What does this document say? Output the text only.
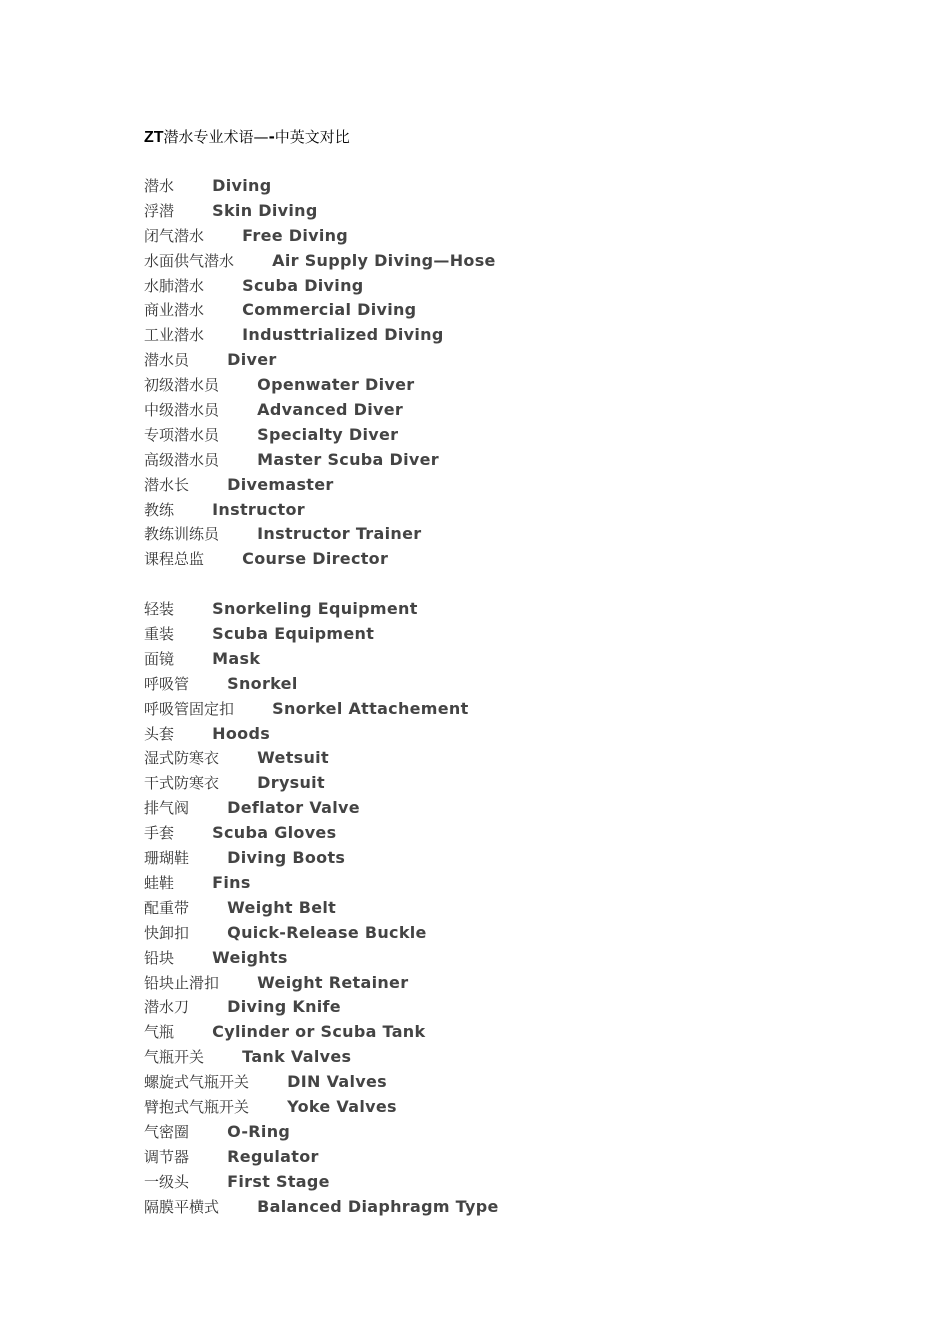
ZT潜水专业术语—-中英文对比
潜水 Diving
浮潜 Skin Diving
闭气潜水 Free Diving
水面供气潜水 Air Supply Diving—Hose
水肺潜水 Scuba Diving
商业潜水 Commercial Diving
工业潜水 Industtrialized Diving
潜水员 Diver
初级潜水员 Openwater Diver
中级潜水员 Advanced Diver
专项潜水员 Specialty Diver
高级潜水员 Master Scuba Diver
潜水长 Divemaster
教练 Instructor
教练训练员 Instructor Trainer
课程总监 Course Director
轻装 Snorkeling Equipment
重装 Scuba Equipment
面镜 Mask
呼吸管 Snorkel
呼吸管固定扣 Snorkel Attachement
头套 Hoods
湿式防寒衣 Wetsuit
干式防寒衣 Drysuit
排气阀 Deflator Valve
手套 Scuba Gloves
珊瑚鞋 Diving Boots
蛙鞋 Fins
配重带 Weight Belt
快卸扣 Quick-Release Buckle
铅块 Weights
铅块止滑扣 Weight Retainer
潜水刀 Diving Knife
气瓶 Cylinder or Scuba Tank
气瓶开关 Tank Valves
螺旋式气瓶开关 DIN Valves
臂抱式气瓶开关 Yoke Valves
气密圈 O-Ring
调节器 Regulator
一级头 First Stage
隔膜平横式 Balanced Diaphragm Type
